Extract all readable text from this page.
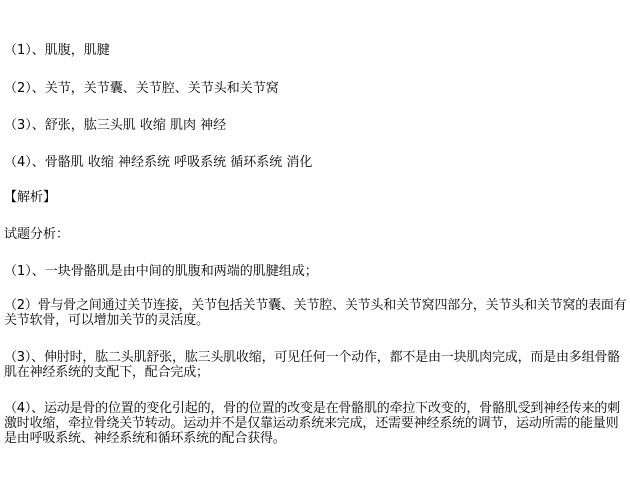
（1）、肌腹，肌腱
（2）、关节，关节囊、关节腔、关节头和关节窝
（3）、舒张，肱三头肌 收缩 肌肉 神经
（4）、骨骼肌 收缩 神经系统 呼吸系统 循环系统 消化
【解析】
试题分析：
（1）、一块骨骼肌是由中间的肌腹和两端的肌腱组成；
（2）骨与骨之间通过关节连接，关节包括关节囊、关节腔、关节头和关节窝四部分，关节头和关节窝的表面有关节软骨，可以增加关节的灵活度。
（3）、伸肘时，肱二头肌舒张，肱三头肌收缩，可见任何一个动作，都不是由一块肌肉完成，而是由多组骨骼肌在神经系统的支配下，配合完成；
（4）、运动是骨的位置的变化引起的，骨的位置的改变是在骨骼肌的牵拉下改变的，骨骼肌受到神经传来的刺激时收缩，牵拉骨绕关节转动。运动并不是仅靠运动系统来完成，还需要神经系统的调节，运动所需的能量则是由呼吸系统、神经系统和循环系统的配合获得。
